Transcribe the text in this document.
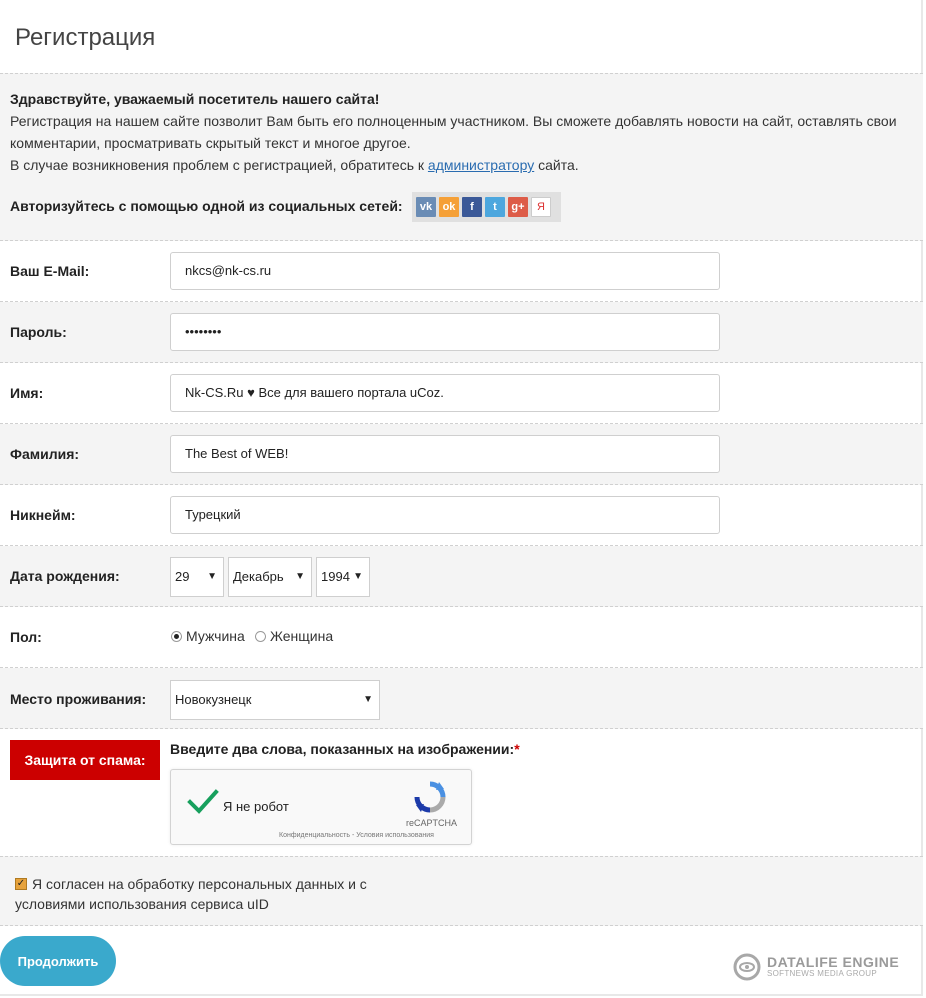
Регистрация

Здравствуйте, уважаемый посетитель нашего сайта!

Регистрация на нашем сайте позволит Вам быть его полноценным участником. Вы сможете добавлять новости на сайт, оставлять свои комментарии, просматривать скрытый текст и многое другое.
В случае возникновения проблем с регистрацией, обратитесь к администратору сайта.

Авторизуйтесь с помощью одной из социальных сетей:	vk ok	f	t	g+	Я
Ваш E-Mail:	nkcs@nk-cs.ru
Пароль:	••••••••
Имя:	Nk-CS.Ru ♥ Все для вашего портала uCoz.
Фамилия:	The Best of WEB!
Никнейм:	Турецкий
Дата рождения:	29 ▼	Декабрь ▼	1994 ▼
Пол:	Мужчина Женщина
Место проживания:	Новокузнецк	▼
Защита от спама:
Введите два слова, показанных на изображении:*
Я не робот
reCAPTCHA
Конфиденциальность - Условия использования
Я согласен на обработку персональных данных и с условиями использования сервиса uID
✓
Продолжить	DATALIFE ENGINE
SOFTNEWS MEDIA GROUP
